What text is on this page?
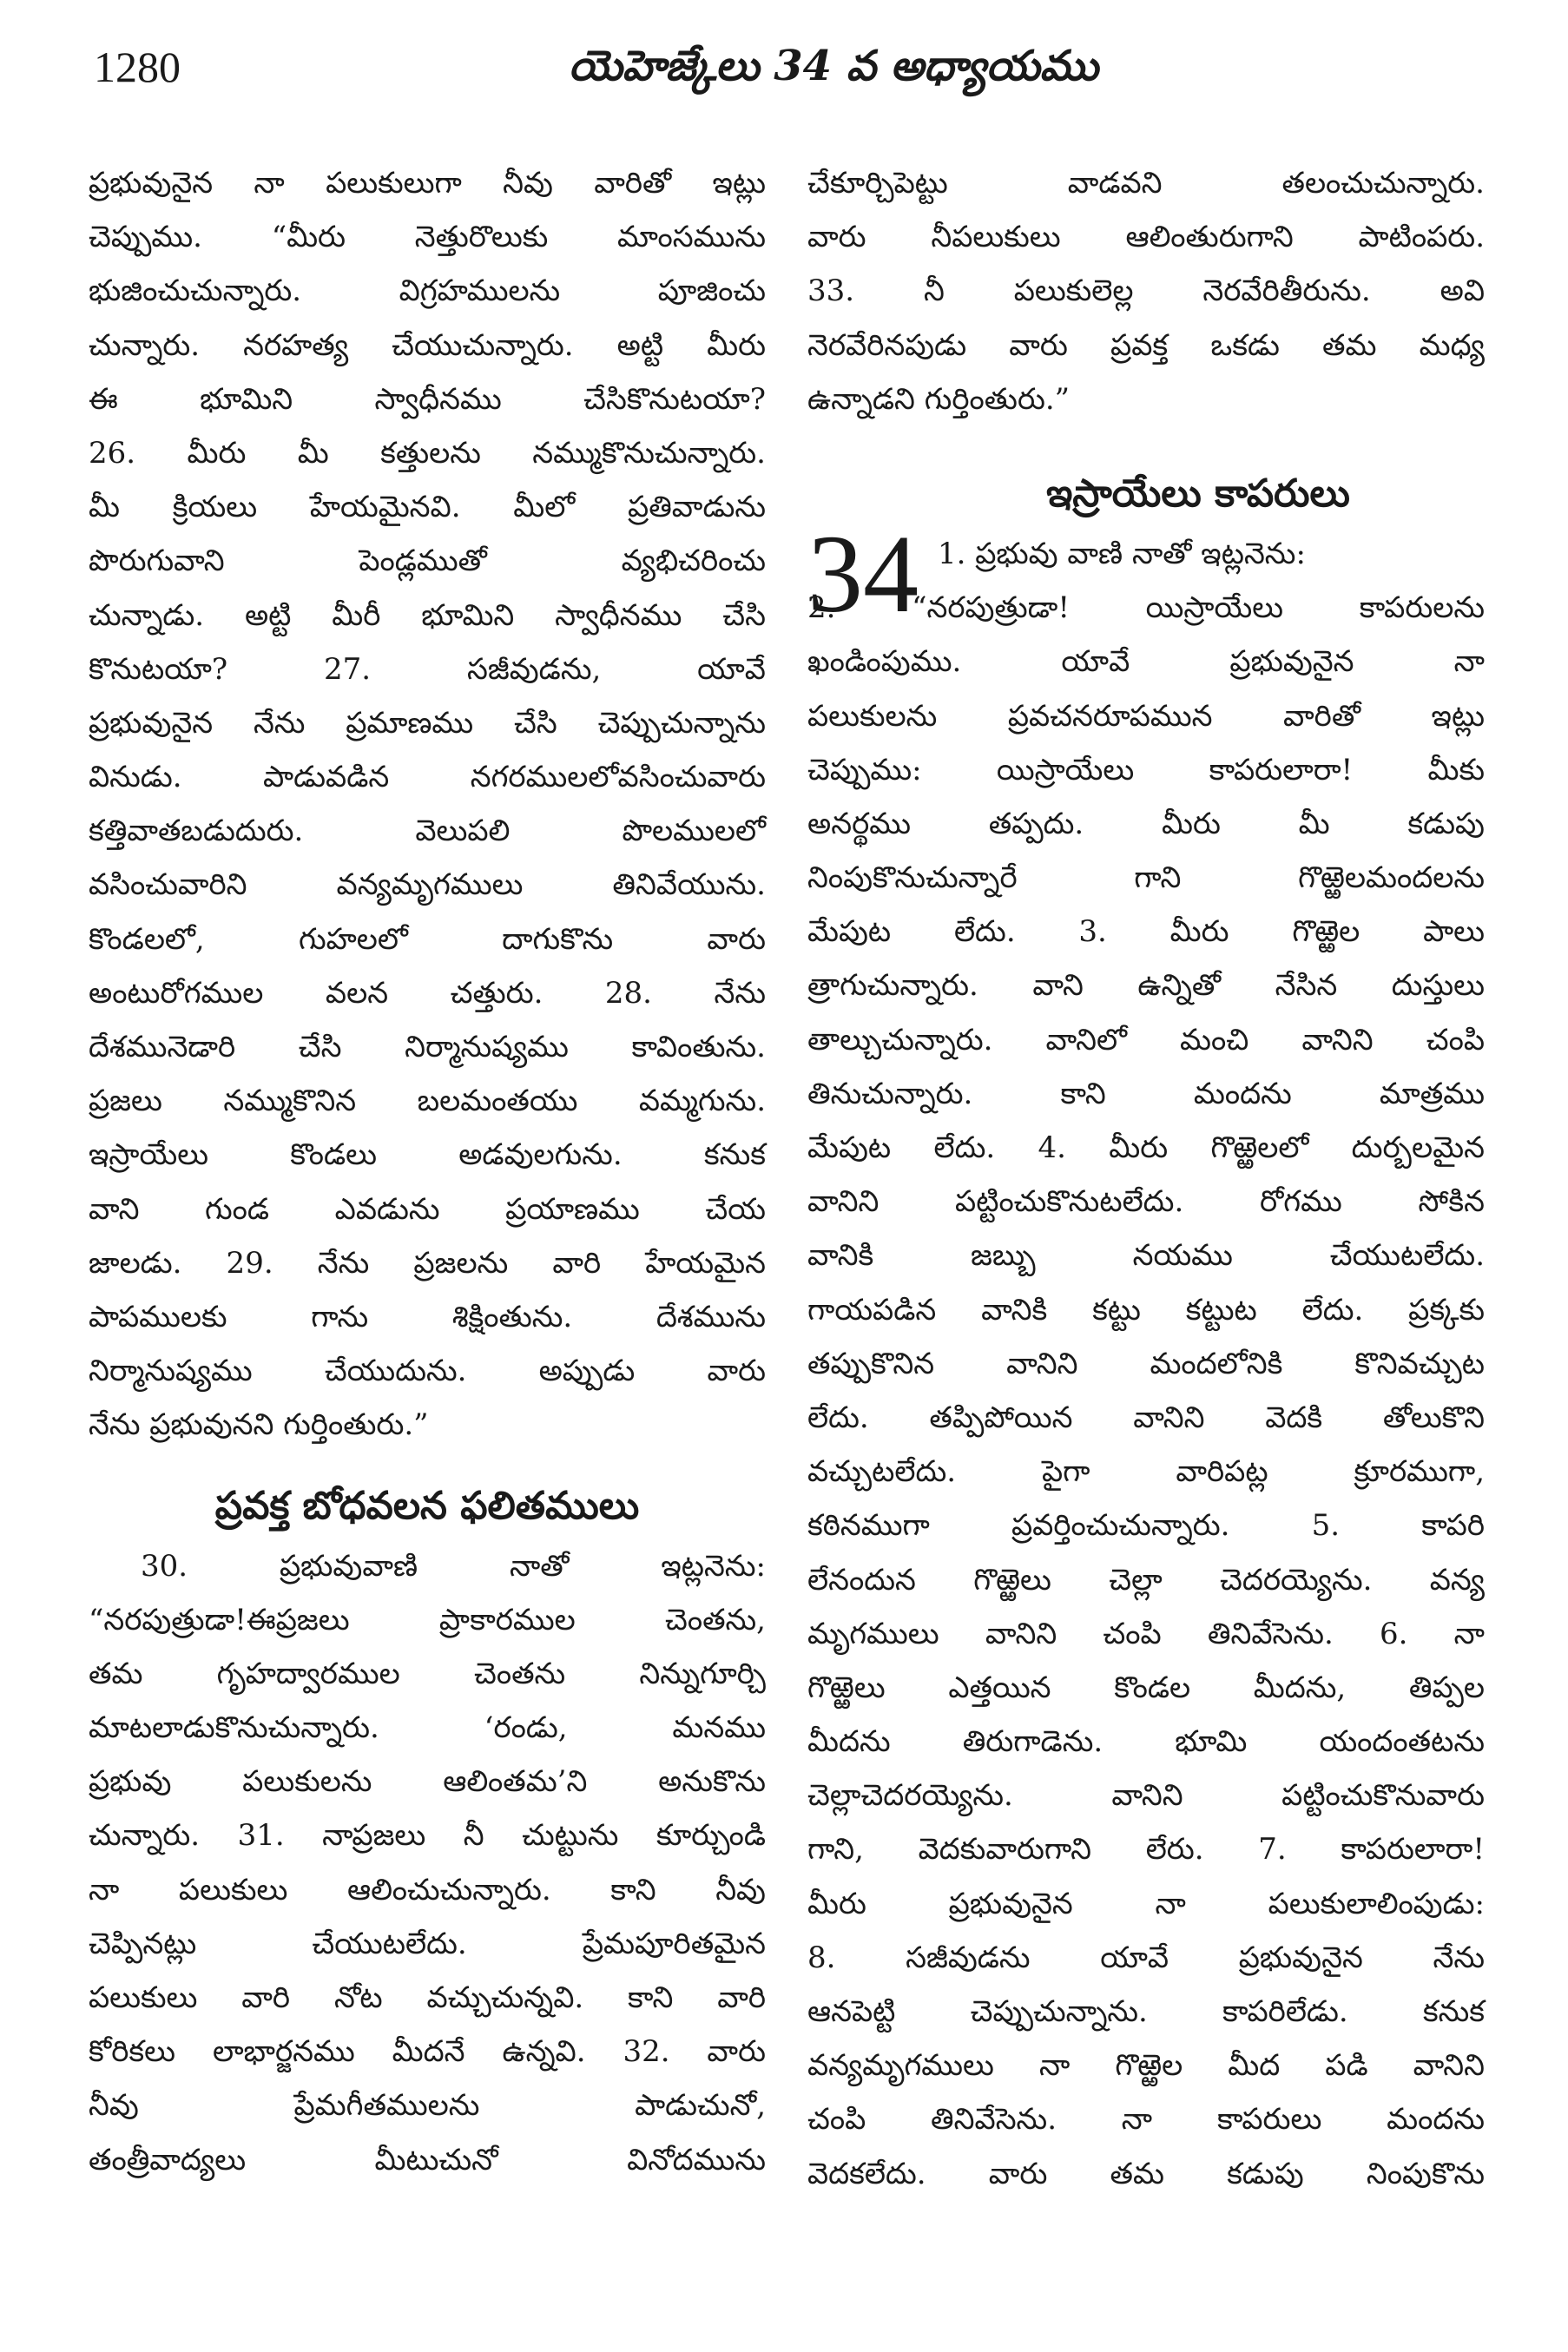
1280	యెహెజ్కేలు 34 వ అధ్యాయము
ప్రభువునైన నా పలుకులుగా నీవు వారితో ఇట్లు
చెప్పుము. “మీరు నెత్తురొలుకు మాంసమును
భుజించుచున్నారు. విగ్రహములను పూజించు
చున్నారు. నరహత్య చేయుచున్నారు. అట్టి మీరు
ఈ భూమిని స్వాధీనము చేసికొనుటయా?
26. మీరు మీ కత్తులను నమ్ముకొనుచున్నారు.
మీ క్రియలు హేయమైనవి. మీలో ప్రతివాడును
పొరుగువాని పెండ్లముతో వ్యభిచరించు
చున్నాడు. అట్టి మీరీ భూమిని స్వాధీనము చేసి
కొనుటయా? 27. సజీవుడను, యావే
ప్రభువునైన నేను ప్రమాణము చేసి చెప్పుచున్నాను
వినుడు. పాడువడిన నగరములలోవసించువారు
కత్తివాతబడుదురు. వెలుపలి పొలములలో
వసించువారిని వన్యమృగములు తినివేయును.
కొండలలో, గుహలలో దాగుకొను వారు
అంటురోగముల వలన చత్తురు. 28. నేను
దేశమునెడారి చేసి నిర్మానుష్యము కావింతును.
ప్రజలు నమ్ముకొనిన బలమంతయు వమ్మగును.
ఇస్రాయేలు కొండలు అడవులగును. కనుక
వాని గుండ ఎవడును ప్రయాణము చేయ
జాలడు. 29. నేను ప్రజలను వారి హేయమైన
పాపములకు గాను శిక్షింతును. దేశమును
నిర్మానుష్యము చేయుదును. అప్పుడు వారు
నేను ప్రభువునని గుర్తింతురు.”
ప్రవక్త బోధవలన ఫలితములు
30. ప్రభువువాణి నాతో ఇట్లనెను:
“నరపుత్రుడా!ఈప్రజలు ప్రాకారముల చెంతను,
తమ గృహద్వారముల చెంతను నిన్నుగూర్చి
మాటలాడుకొనుచున్నారు. ‘రండు, మనము
ప్రభువు పలుకులను ఆలింతమ’ని అనుకొను
చున్నారు. 31. నాప్రజలు నీ చుట్టును కూర్చుండి
నా పలుకులు ఆలించుచున్నారు. కాని నీవు
చెప్పినట్లు చేయుటలేదు. ప్రేమపూరితమైన
పలుకులు వారి నోట వచ్చుచున్నవి. కాని వారి
కోరికలు లాభార్జనము మీదనే ఉన్నవి. 32. వారు
నీవు ప్రేమగీతములను పాడుచునో,
తంత్రీవాద్యలు మీటుచునో వినోదమును
చేకూర్చిపెట్టు వాడవని తలంచుచున్నారు.
వారు నీపలుకులు ఆలింతురుగాని పాటింపరు.
33. నీ పలుకులెల్ల నెరవేరితీరును. అవి
నెరవేరినపుడు వారు ప్రవక్త ఒకడు తమ మధ్య
ఉన్నాడని గుర్తింతురు.”
ఇస్రాయేలు కాపరులు
34 1. ప్రభువు వాణి నాతో ఇట్లనెను:
2. “నరపుత్రుడా! యిస్రాయేలు కాపరులను
ఖండింపుము. యావే ప్రభువునైన నా
పలుకులను ప్రవచనరూపమున వారితో ఇట్లు
చెప్పుము: యిస్రాయేలు కాపరులారా! మీకు
అనర్థము తప్పదు. మీరు మీ కడుపు
నింపుకొనుచున్నారే గాని గొఱ్ఱెలమందలను
మేపుట లేదు. 3. మీరు గొఱ్ఱెల పాలు
త్రాగుచున్నారు. వాని ఉన్నితో నేసిన దుస్తులు
తాల్చుచున్నారు. వానిలో మంచి వానిని చంపి
తినుచున్నారు. కాని మందను మాత్రము
మేపుట లేదు. 4. మీరు గొఱ్ఱెలలో దుర్బలమైన
వానిని పట్టించుకొనుటలేదు. రోగము సోకిన
వానికి జబ్బు నయము చేయుటలేదు.
గాయపడిన వానికి కట్టు కట్టుట లేదు. ప్రక్కకు
తప్పుకొనిన వానిని మందలోనికి కొనివచ్చుట
లేదు. తప్పిపోయిన వానిని వెదకి తోలుకొని
వచ్చుటలేదు. పైగా వారిపట్ల క్రూరముగా,
కఠినముగా ప్రవర్తించుచున్నారు. 5. కాపరి
లేనందున గొఱ్ఱెలు చెల్లా చెదరయ్యెను. వన్య
మృగములు వానిని చంపి తినివేసెను. 6. నా
గొఱ్ఱెలు ఎత్తయిన కొండల మీదను, తిప్పల
మీదను తిరుగాడెను. భూమి యందంతటను
చెల్లాచెదరయ్యెను. వానిని పట్టించుకొనువారు
గాని, వెదకువారుగాని లేరు. 7. కాపరులారా!
మీరు ప్రభువునైన నా పలుకులాలింపుడు:
8. సజీవుడను యావే ప్రభువునైన నేను
ఆనపెట్టి చెప్పుచున్నాను. కాపరిలేడు. కనుక
వన్యమృగములు నా గొఱ్ఱెల మీద పడి వానిని
చంపి తినివేసెను. నా కాపరులు మందను
వెదకలేదు. వారు తమ కడుపు నింపుకొను
